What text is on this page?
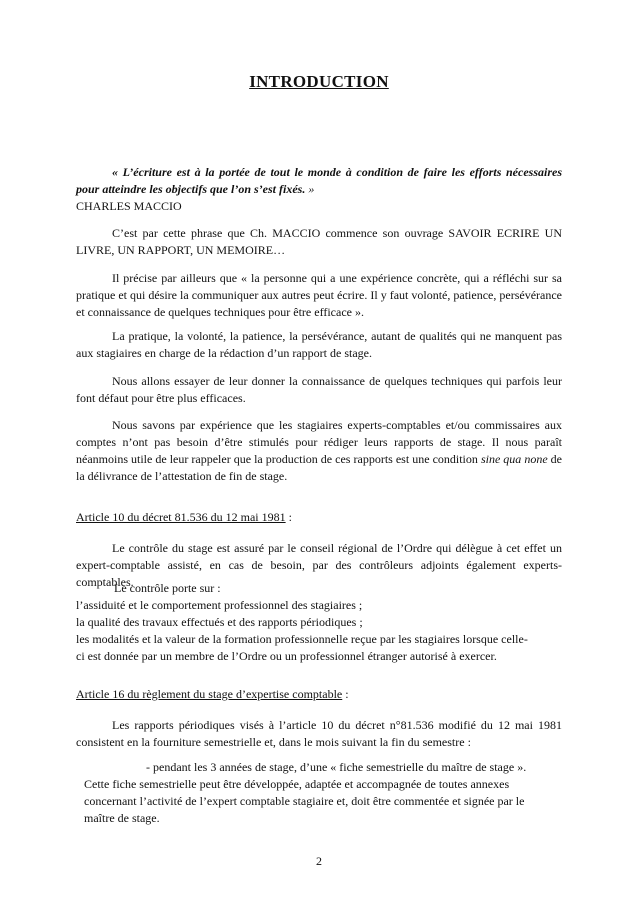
INTRODUCTION

« L’écriture est à la portée de tout le monde à condition de faire les efforts nécessaires pour atteindre les objectifs que l’on s’est fixés. »

CHARLES MACCIO

C’est par cette phrase que Ch. MACCIO commence son ouvrage SAVOIR ECRIRE UN LIVRE, UN RAPPORT, UN MEMOIRE…

Il précise par ailleurs que « la personne qui a une expérience concrète, qui a réfléchi sur sa pratique et qui désire la communiquer aux autres peut écrire. Il y faut volonté, patience, persévérance et connaissance de quelques techniques pour être efficace ».

La pratique, la volonté, la patience, la persévérance, autant de qualités qui ne manquent pas aux stagiaires en charge de la rédaction d’un rapport de stage.

Nous allons essayer de leur donner la connaissance de quelques techniques qui parfois leur font défaut pour être plus efficaces.

Nous savons par expérience que les stagiaires experts-comptables et/ou commissaires aux comptes n’ont pas besoin d’être stimulés pour rédiger leurs rapports de stage. Il nous paraît néanmoins utile de leur rappeler que la production de ces rapports est une condition sine qua none de la délivrance de l’attestation de fin de stage.

Article 10 du décret 81.536 du 12 mai 1981 :

Le contrôle du stage est assuré par le conseil régional de l’Ordre qui délègue à cet effet un expert-comptable assisté, en cas de besoin, par des contrôleurs adjoints également experts-comptables.

Le contrôle porte sur :
l’assiduité et le comportement professionnel des stagiaires ;
la qualité des travaux effectués et des rapports périodiques ;
les modalités et la valeur de la formation professionnelle reçue par les stagiaires lorsque celle-
ci est donnée par un membre de l’Ordre ou un professionnel étranger autorisé à exercer.
Article 16 du règlement du stage d’expertise comptable :

Les rapports périodiques visés à l’article 10 du décret n°81.536 modifié du 12 mai 1981 consistent en la fourniture semestrielle et, dans le mois suivant la fin du semestre :

- pendant les 3 années de stage, d’une « fiche semestrielle du maître de stage ».
Cette fiche semestrielle peut être développée, adaptée et accompagnée de toutes annexes
concernant l’activité de l’expert comptable stagiaire et, doit être commentée et signée par le
maître de stage.
2
